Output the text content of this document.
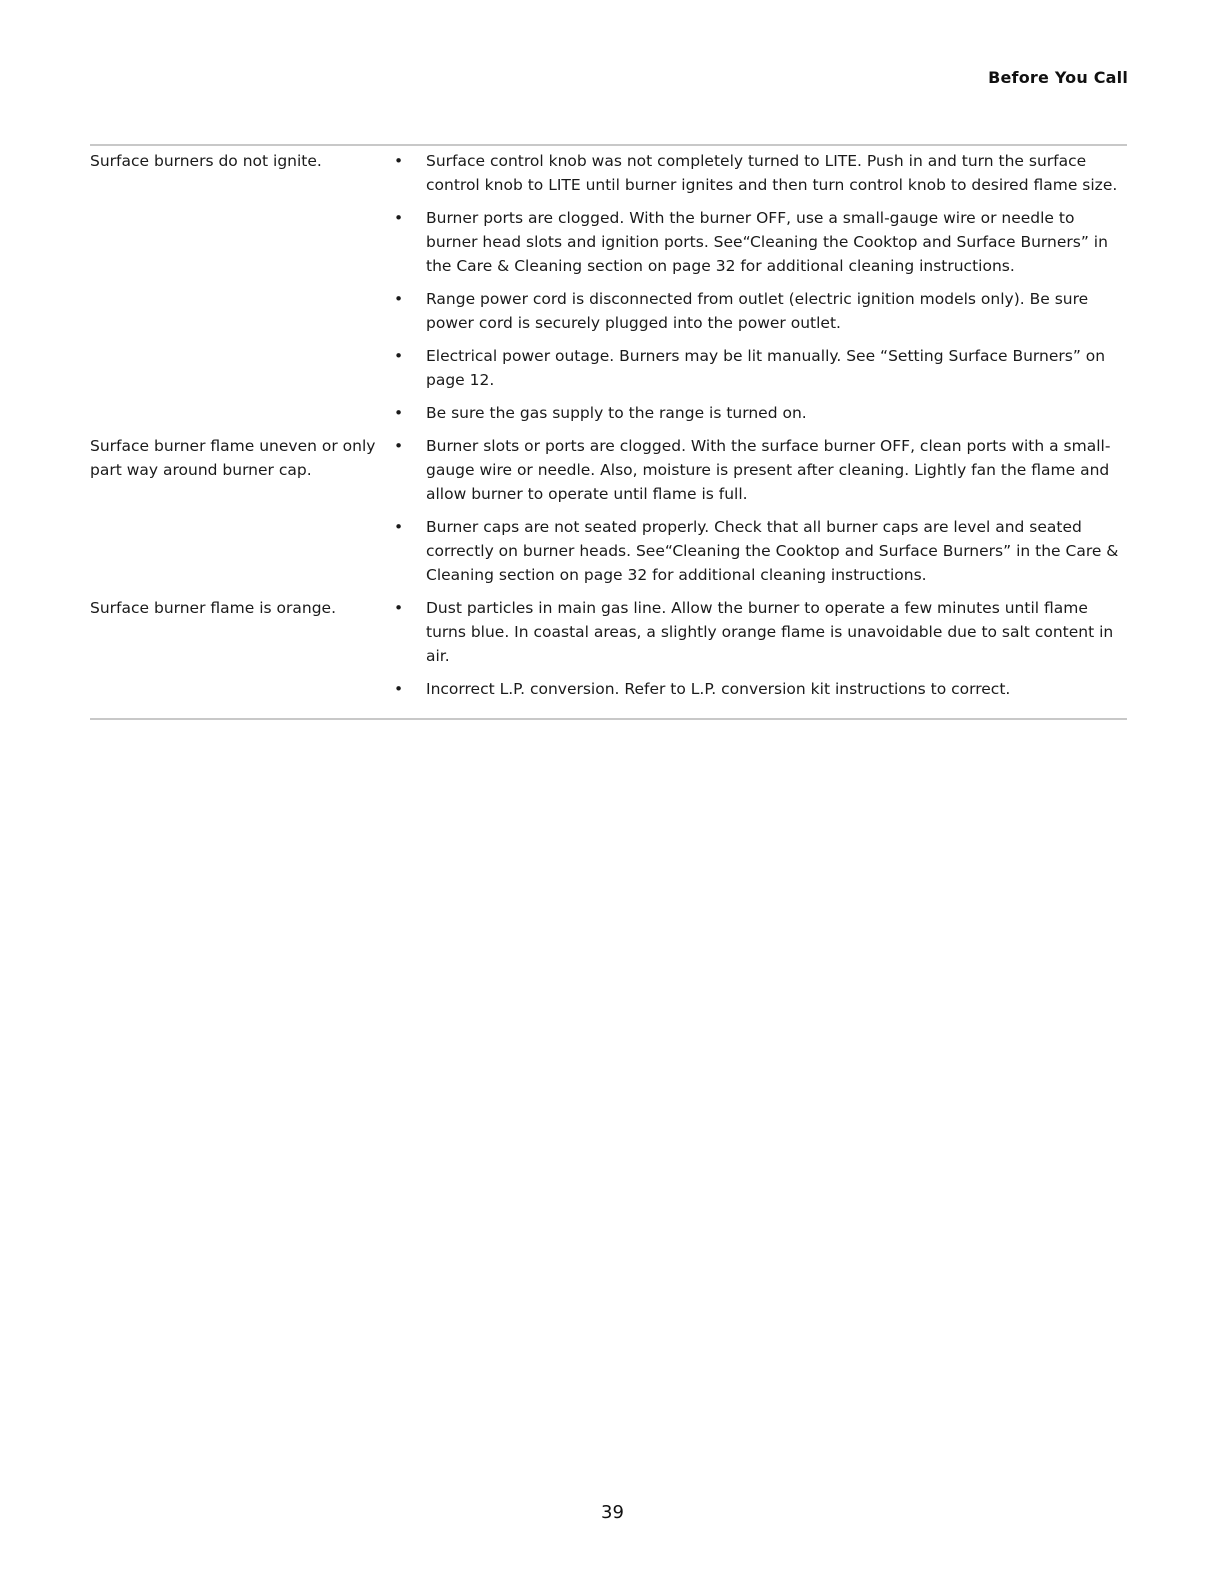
Before You Call
Surface burners do not ignite.	•	Surface control knob was not completely turned to LITE. Push in and turn the surface control knob to LITE until burner ignites and then turn control knob to desired flame size.
•	Burner ports are clogged. With the burner OFF, use a small-gauge wire or needle to burner head slots and ignition ports. See“Cleaning the Cooktop and Surface Burners” in the Care & Cleaning section on page 32 for additional cleaning instructions.
•	Range power cord is disconnected from outlet (electric ignition models only). Be sure power cord is securely plugged into the power outlet.
•	Electrical power outage. Burners may be lit manually. See “Setting Surface Burners” on page 12.
•	Be sure the gas supply to the range is turned on.
Surface burner flame uneven or only part way around burner cap.
•	Burner slots or ports are clogged. With the surface burner OFF, clean ports with a small-gauge wire or needle. Also, moisture is present after cleaning. Lightly fan the flame and allow burner to operate until flame is full.
•	Burner caps are not seated properly. Check that all burner caps are level and seated correctly on burner heads. See“Cleaning the Cooktop and Surface Burners” in the Care & Cleaning section on page 32 for additional cleaning instructions.
Surface burner flame is orange.	•	Dust particles in main gas line. Allow the burner to operate a few minutes until flame turns blue. In coastal areas, a slightly orange flame is unavoidable due to salt content in air.
•	Incorrect L.P. conversion. Refer to L.P. conversion kit instructions to correct.
39
